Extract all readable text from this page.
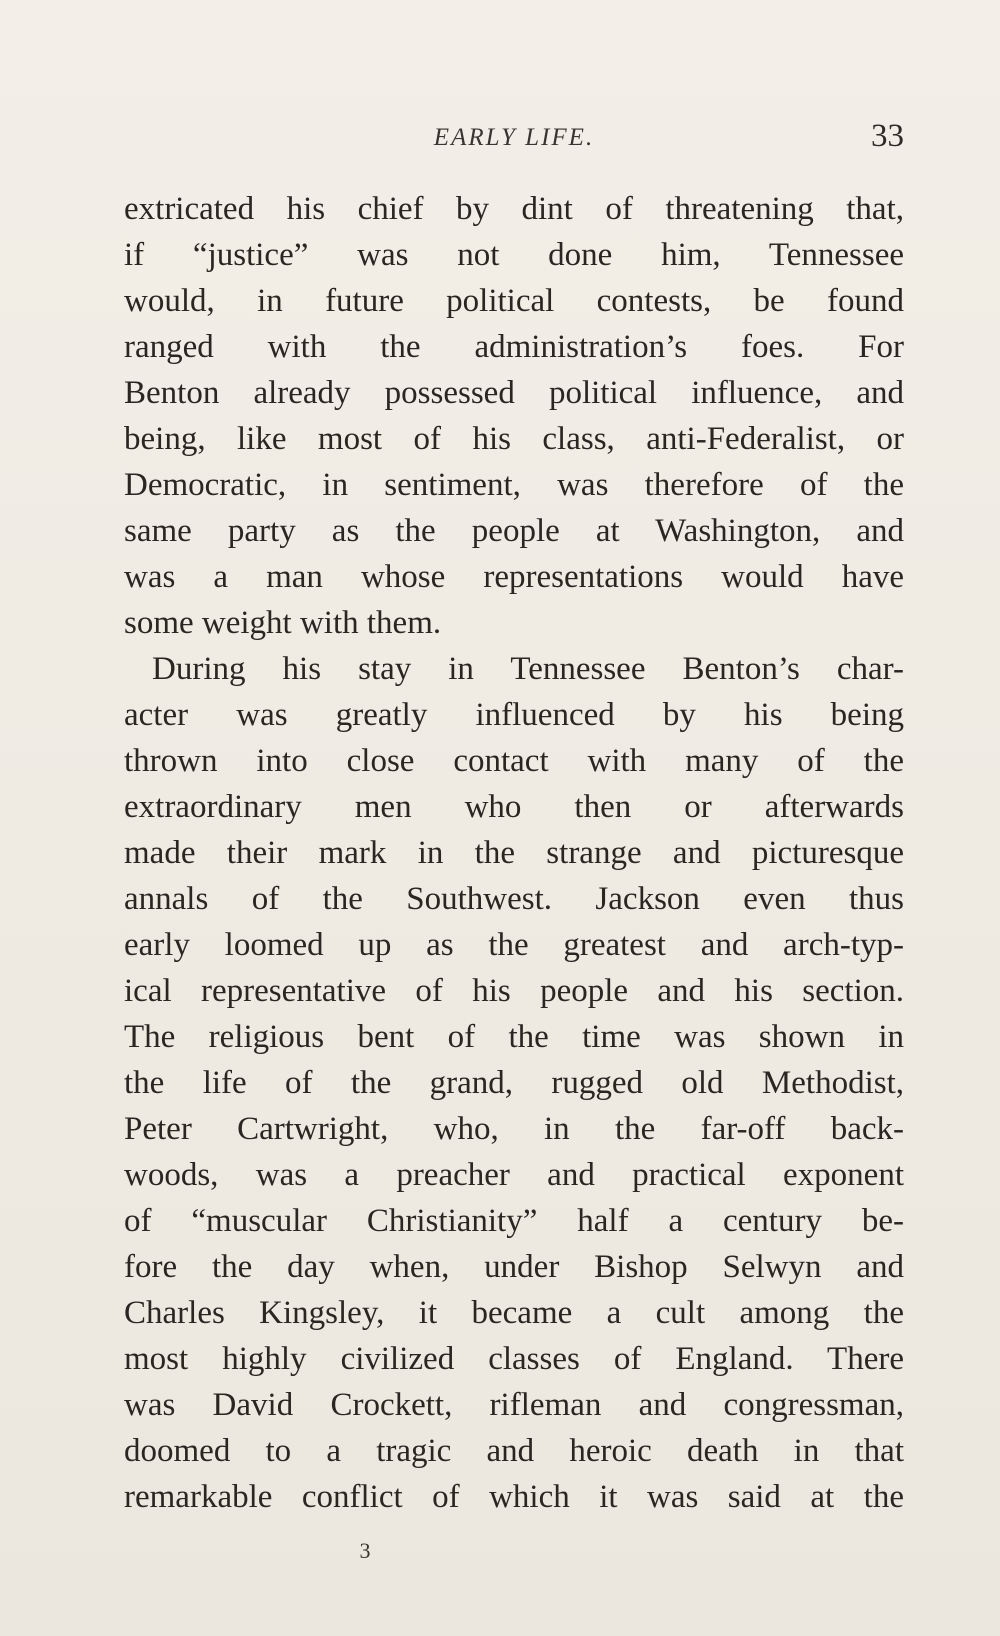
EARLY LIFE.	33
extricated his chief by dint of threatening that,
if “justice” was not done him, Tennessee
would, in future political contests, be found
ranged with the administration’s foes. For
Benton already possessed political influence, and
being, like most of his class, anti-Federalist, or
Democratic, in sentiment, was therefore of the
same party as the people at Washington, and
was a man whose representations would have
some weight with them.
During his stay in Tennessee Benton’s char-
acter was greatly influenced by his being
thrown into close contact with many of the
extraordinary men who then or afterwards
made their mark in the strange and picturesque
annals of the Southwest. Jackson even thus
early loomed up as the greatest and arch-typ-
ical representative of his people and his section.
The religious bent of the time was shown in
the life of the grand, rugged old Methodist,
Peter Cartwright, who, in the far-off back-
woods, was a preacher and practical exponent
of “muscular Christianity” half a century be-
fore the day when, under Bishop Selwyn and
Charles Kingsley, it became a cult among the
most highly civilized classes of England. There
was David Crockett, rifleman and congressman,
doomed to a tragic and heroic death in that
remarkable conflict of which it was said at the
3
